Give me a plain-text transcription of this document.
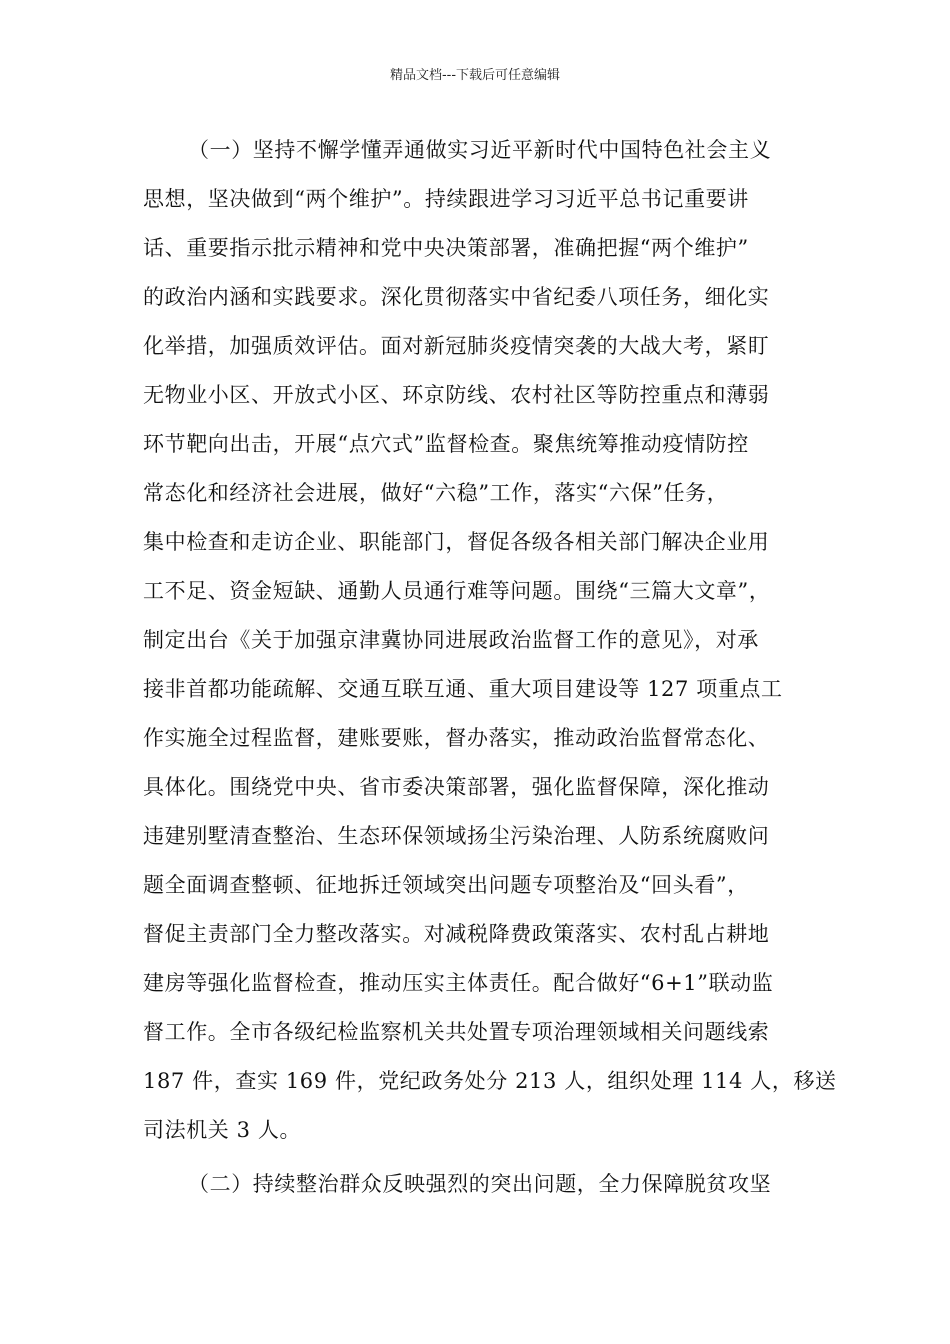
精品文档---下载后可任意编辑
（一）坚持不懈学懂弄通做实习近平新时代中国特色社会主义
思想，坚决做到“两个维护”。持续跟进学习习近平总书记重要讲
话、重要指示批示精神和党中央决策部署，准确把握“两个维护”
的政治内涵和实践要求。深化贯彻落实中省纪委八项任务，细化实
化举措，加强质效评估。面对新冠肺炎疫情突袭的大战大考，紧盯
无物业小区、开放式小区、环京防线、农村社区等防控重点和薄弱
环节靶向出击，开展“点穴式”监督检查。聚焦统筹推动疫情防控
常态化和经济社会进展，做好“六稳”工作，落实“六保”任务，
集中检查和走访企业、职能部门，督促各级各相关部门解决企业用
工不足、资金短缺、通勤人员通行难等问题。围绕“三篇大文章”，
制定出台《关于加强京津冀协同进展政治监督工作的意见》，对承
接非首都功能疏解、交通互联互通、重大项目建设等 127 项重点工
作实施全过程监督，建账要账，督办落实，推动政治监督常态化、
具体化。围绕党中央、省市委决策部署，强化监督保障，深化推动
违建别墅清查整治、生态环保领域扬尘污染治理、人防系统腐败问
题全面调查整顿、征地拆迁领域突出问题专项整治及“回头看”，
督促主责部门全力整改落实。对减税降费政策落实、农村乱占耕地
建房等强化监督检查，推动压实主体责任。配合做好“6+1”联动监
督工作。全市各级纪检监察机关共处置专项治理领域相关问题线索
187 件，查实 169 件，党纪政务处分 213 人，组织处理 114 人，移送
司法机关 3 人。
（二）持续整治群众反映强烈的突出问题，全力保障脱贫攻坚
